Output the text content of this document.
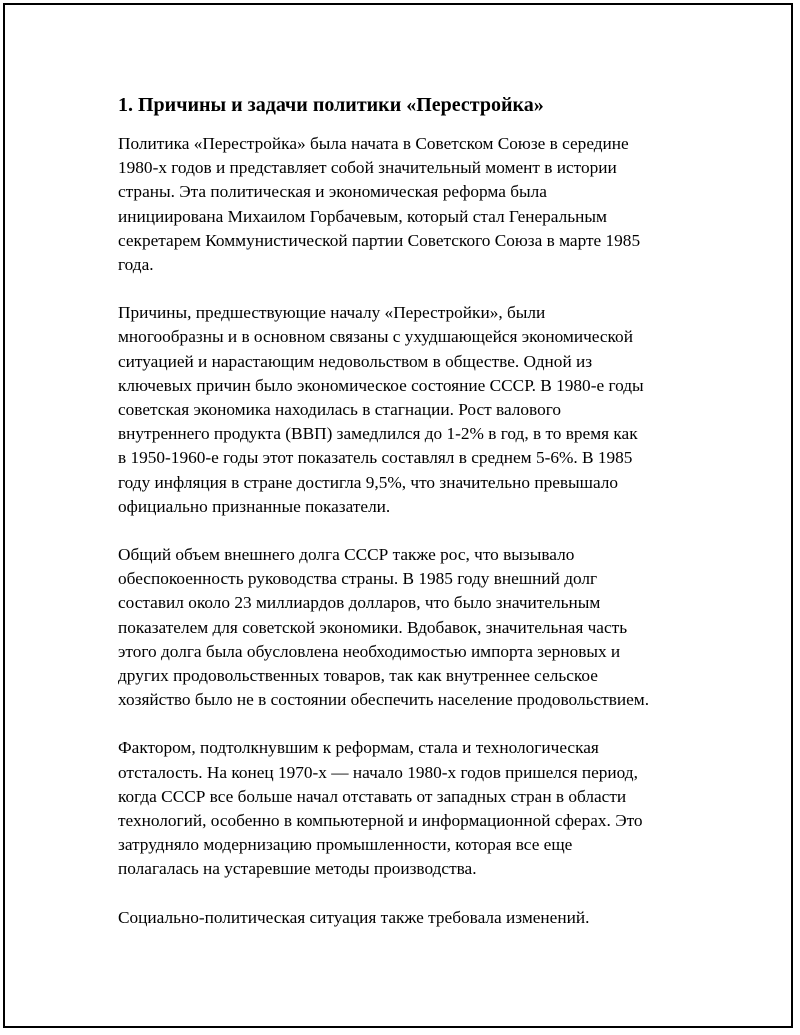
1. Причины и задачи политики «Перестройка»

Политика «Перестройка» была начата в Советском Союзе в середине
1980-х годов и представляет собой значительный момент в истории
страны. Эта политическая и экономическая реформа была
инициирована Михаилом Горбачевым, который стал Генеральным
секретарем Коммунистической партии Советского Союза в марте 1985
года.

Причины, предшествующие началу «Перестройки», были
многообразны и в основном связаны с ухудшающейся экономической
ситуацией и нарастающим недовольством в обществе. Одной из
ключевых причин было экономическое состояние СССР. В 1980-е годы
советская экономика находилась в стагнации. Рост валового
внутреннего продукта (ВВП) замедлился до 1-2% в год, в то время как
в 1950-1960-е годы этот показатель составлял в среднем 5-6%. В 1985
году инфляция в стране достигла 9,5%, что значительно превышало
официально признанные показатели.

Общий объем внешнего долга СССР также рос, что вызывало
обеспокоенность руководства страны. В 1985 году внешний долг
составил около 23 миллиардов долларов, что было значительным
показателем для советской экономики. Вдобавок, значительная часть
этого долга была обусловлена необходимостью импорта зерновых и
других продовольственных товаров, так как внутреннее сельское
хозяйство было не в состоянии обеспечить население продовольствием.

Фактором, подтолкнувшим к реформам, стала и технологическая
отсталость. На конец 1970-х — начало 1980-х годов пришелся период,
когда СССР все больше начал отставать от западных стран в области
технологий, особенно в компьютерной и информационной сферах. Это
затрудняло модернизацию промышленности, которая все еще
полагалась на устаревшие методы производства.

Социально-политическая ситуация также требовала изменений.
